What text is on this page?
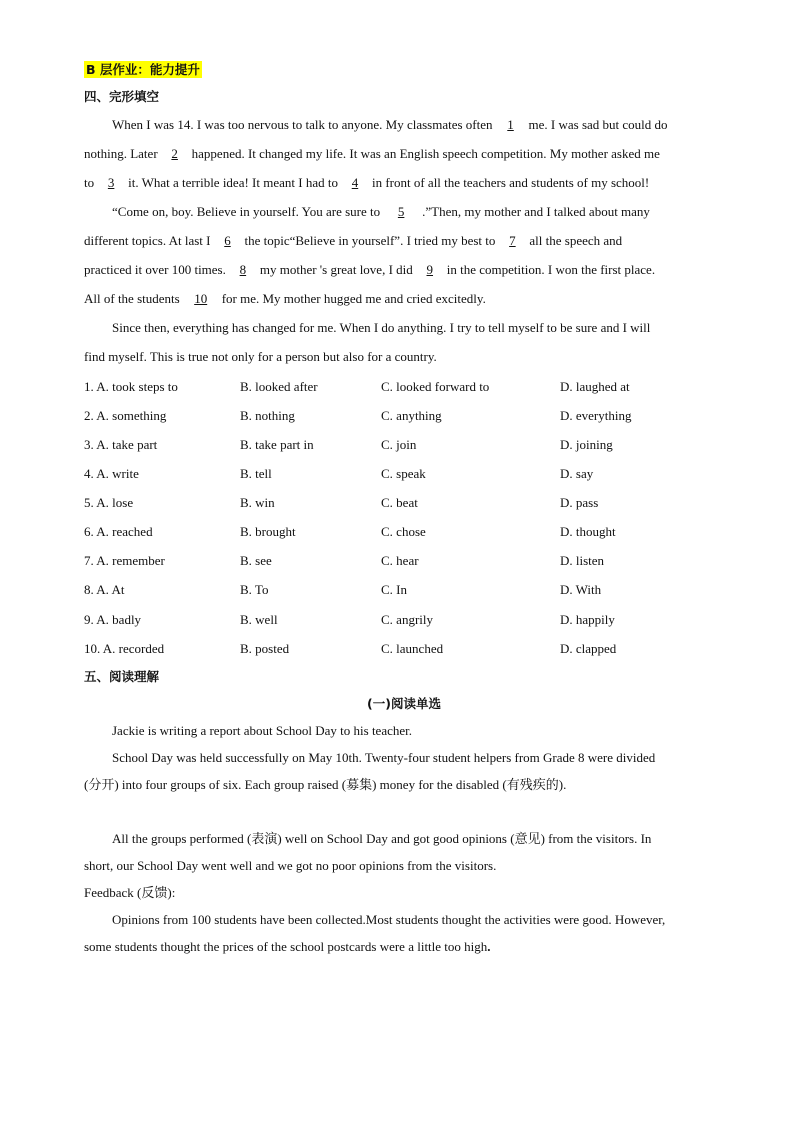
B 层作业：能力提升
四、完形填空
When I was 14. I was too nervous to talk to anyone. My classmates often 1 me. I was sad but could do
nothing. Later 2 happened. It changed my life. It was an English speech competition. My mother asked me
to 3 it. What a terrible idea! It meant I had to 4 in front of all the teachers and students of my school!
“Come on, boy. Believe in yourself. You are sure to 5 .”Then, my mother and I talked about many
different topics. At last I 6 the topic“Believe in yourself”. I tried my best to 7 all the speech and
practiced it over 100 times. 8 my mother 's great love, I did 9 in the competition. I won the first place.
All of the students 10 for me. My mother hugged me and cried excitedly.
Since then, everything has changed for me. When I do anything. I try to tell myself to be sure and I will
find myself. This is true not only for a person but also for a country.
1. A. took steps to	B. looked after	C. looked forward to	D. laughed at
2. A. something	B. nothing	C. anything	D. everything
3. A. take part	B. take part in	C. join	D. joining
4. A. write	B. tell	C. speak	D. say
5. A. lose	B. win	C. beat	D. pass
6. A. reached	B. brought	C. chose	D. thought
7. A. remember	B. see	C. hear	D. listen
8. A. At	B. To	C. In	D. With
9. A. badly	B. well	C. angrily	D. happily
10. A. recorded	B. posted	C. launched	D. clapped
五、阅读理解
(一)阅读单选
Jackie is writing a report about School Day to his teacher.
School Day was held successfully on May 10th. Twenty-four student helpers from Grade 8 were divided
(分开) into four groups of six. Each group raised (募集) money for the disabled (有残疾的).
All the groups performed (表演) well on School Day and got good opinions (意见) from the visitors. In
short, our School Day went well and we got no poor opinions from the visitors.
Feedback (反馈):
Opinions from 100 students have been collected.Most students thought the activities were good. However,
some students thought the prices of the school postcards were a little too high.
